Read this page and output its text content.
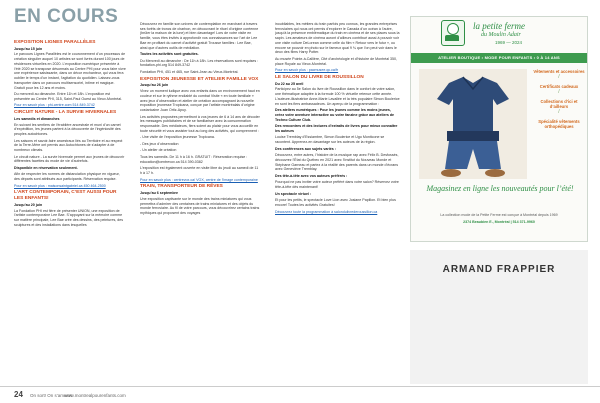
EN COURS
EXPOSITION LIGNES PARALLÈLES

Jusqu’au 15 juin

Le parcours Lignes Parallèles est le couronnement d’un processus de création singulier auquel 10 artistes se sont livrés durant 100 jours de résidences virtuelles en 2020. L’exposition numérique présentée à l’été 2020 se transpose désormais au Centre PHI pour vous faire vivre une expérience saisissante, dans un décor enchanteur, qui vous fera oublier le temps d’un instant, l’agitation du quotidien. Laissez-vous transporter dans un parcours multisensoriel, intime et magique. Gratuit pour les 12 ans et moins.

Du mercredi au dimanche. Entre 11h et 18h. L’exposition est présentée au Centre PHI, 315, Saint-Paul Ouest au Vieux-Montréal.

Pour en savoir plus : phi-centre.com 514 849-3742

CIRCUIT NATURE - LA SURVIE HIVERNALES

Les samedis et dimanches

En suivant les sentiers de l’érablière ancestrale et muni d’un carnet d’expédition, les jeunes partent à la découverte de l’ingéniosité des peuples autochtones.

Les saisons et savoir-faire ancestraux liés au Territoire et au respect de la Terre-Mère ont permis aux Autochtones de s’adapter à de nombreux climats.

Le circuit nature - La survie hivernale permet aux jeunes de découvrir différentes facettes du mode de vie d’autrefois.

Disponible en réservation seulement.

Afin de respecter les normes de distanciation physique en vigueur, des départs sont attribués aux participants. Réservation requise.

Pour en savoir plus : maisonsaintgabriel.ca 450 464-2500

L’ART CONTEMPORAIN, C’EST AUSSI POUR LES ENFANTS!

Jusqu’au 20 juin

La Fondation PHI est fière de présenter UNION, une exposition de l’artiste contemporaine Lee Bae. S’appuyant sur la mémoire comme sur matière principale, Lee Bae crée des dessins, des peintures, des sculptures et des installations dans lesquelles

Découvrez en famille son univers de contemplation en marchant à travers ses forêts de troncs de charbon, en découvrant le rituel d’origine coréenne (brûler la maison de la lune) et bien davantage! Lors de votre visite en famille, vous êtes invités à approfondir vos connaissances sur l’art de Lee Bae en profitant du carnet d’activité gratuit Trousse familles : Lee Bae, ainsi que d’autres outils de médiation.

Toutes les activités sont gratuites.

Du Mercredi au dimanche : De 11h à 18h. Les réservations sont requises : fondation-phi.org 514 849-3742

Fondation PHI, 451 et 465, rue Saint-Jean au Vieux-Montréal.

EXPOSITION JEUNESSE ET ATELIER FAMILLE VOX

Jusqu’au 26 juin

Vivez un moment ludique avec vos enfants dans un environnement haut en couleur et sur le rythme endiablé du combat Visite « en toute familiale » avec jeux d’observation et atelier de création accompagnant la nouvelle exposition jeunesse Tropicana, conçue par l’artiste montréalais d’origine costaricaine Juan Ortiz-Apuy.

Les activités proposées permettront à vos jeunes de 6 à 14 ans de décoder les messages publicitaires et de se familiariser avec la consommation responsable. Des médiateurs, fiers soient au plaisir pour vous accueillir en toute sécurité et vous assister tout au long des activités, qui comprennent :

- Une visite de l’exposition jeunesse Tropicana.

- Des jeux d’observation

- Un atelier de création

Tous les samedis. De 11 h à 16 h. GRATUIT : Réservation requise : education@centrevox.ca 514 390-0382

L’exposition est également ouverte en visite libre du jeudi au samedi de 11 h à 17 h.

Pour en savoir plus : centrevox.ca/ VOX, centre de l’image contemporaine

TRAIN, TRANSPORTEUR DE RÊVES

Jusqu’au 6 septembre

Une exposition captivante sur le monde des trains miniatures qui vous permettra d’admirer des centaines de trains miniatures et des objets du monde ferroviaire. Au fil de votre parcours, vous découvrirez certains trains mythiques qui proposent des voyages

inoubliables, les métiers du train parfois peu connus, les grandes entreprises ferroviaires qui nous ont permis d’explorer le Canada d’un océan à l’autre, jusqu’à la présence emblématique du train en cinéma et de ses places sous la sapin. Les amateurs de cinéma auront d’ailleurs contribué aussi à pouvoir voir une visite voiture DeLorean comme celle du film « Retour vers le futur », ou encore se pouvoir en photo sur le fameux quai 9 ¾ que l’on peut voir dans le deux des films Harry Potter.

Au musée Pointe-à-Callière, Cité d’archéologie et d’histoire de Montréal 350, place Royale au Vieux-Montréal.

Pour en savoir plus : pacmusee.qc.ca/fr

LE SALON DU LIVRE DE ROUSSILLON

Du 22 au 25 avril

Participez au 5e Salon du livre de Roussillon dans le confort de votre salon, une thématique adaptée à la formule 100 % virtuelle retenue cette année. L’auteure-illustratrice Anne-Marie Lavallée et la très populaire Simon Boulerice en sont les fiers ambassadeurs. Un aperçu de la programmation :

Des ateliers numériques : Pour les jeunes comme les moins jeunes, créez votre aventure interactive ou votre fanzine grâce aux ateliers de Techno Culture Club.

Des rencontres et des lectures d’extraits de livres pour mieux connaître les auteurs

Louise Tremblay d’Essiambre, Simon Boulerice et Ugo Monticone se racontent. Apprenez-en davantage sur les auteurs de la région.

Des conférences aux sujets variés :

Découvrez, entre autres, l’histoire de la musique rap avec Félix B. Desfossés, découvrez l’État du Québec en 2021 avec l’Institut du Nouveau Monde et Stéphane Garneau et partez à la réalité des parents dans un monde d’écrans avec Geneviève Tremblay.

Des tête-à-tête avec vos auteurs préférés :

Pourquoi ne pas inviter votre auteur préféré dans votre salon? Réservez votre tête-à-tête dès maintenant!

Un spectacle virtuel :

Et pour les petits, le spectacle Love Lion avec Josiane Papillon. Et bien plus encore! Toutes les activités Gratuites!

Découvrez toute la programmation à salondulivrederoussillon.ca

la petite ferme
du Moulin Adair
1969 — 2024
ATELIER BOUTIQUE • MODE POUR ENFANTS • 0 À 14 ANS
Vêtements et accessoires
/
Certificats cadeaux
/
Collections d’ici et d’ailleurs
/
Spécialité vêtements orthopédiques
Magasinez en ligne les nouveautés pour l’été!
La collection mode de la Petite Ferme est conçue à Montréal depuis 1969
2374 Beaubien E., Montréal | 514 371-9960
ARMAND FRAPPIER
24 On sort! On s’amuse!
www.montrealpourenfants.com
